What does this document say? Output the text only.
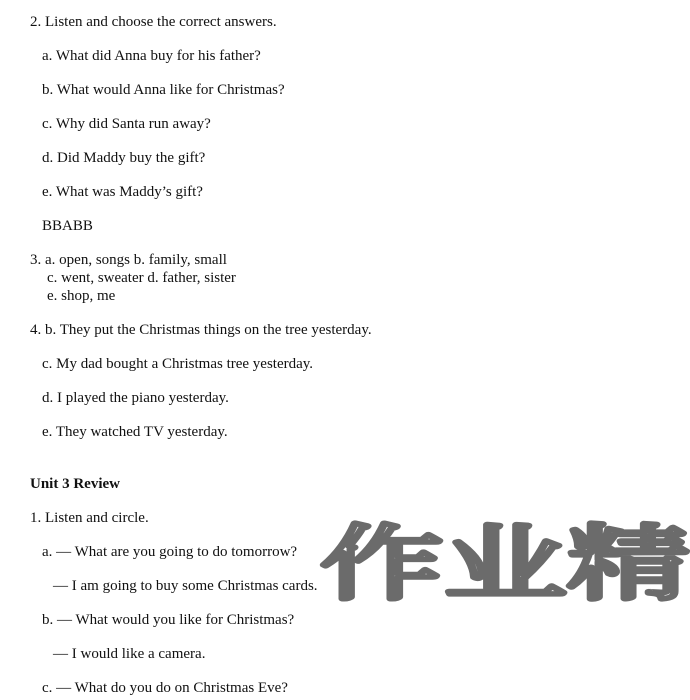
2. Listen and choose the correct answers.
a. What did Anna buy for his father?
b. What would Anna like for Christmas?
c. Why did Santa run away?
d. Did Maddy buy the gift?
e. What was Maddy’s gift?
BBABB
3. a. open, songs b. family, small
c. went, sweater d. father, sister
e. shop, me
4. b. They put the Christmas things on the tree yesterday.
c. My dad bought a Christmas tree yesterday.
d. I played the piano yesterday.
e. They watched TV yesterday.
Unit 3 Review
1. Listen and circle.
a. — What are you going to do tomorrow?
— I am going to buy some Christmas cards.
b. — What would you like for Christmas?
— I would like a camera.
c. — What do you do on Christmas Eve?
作业精
